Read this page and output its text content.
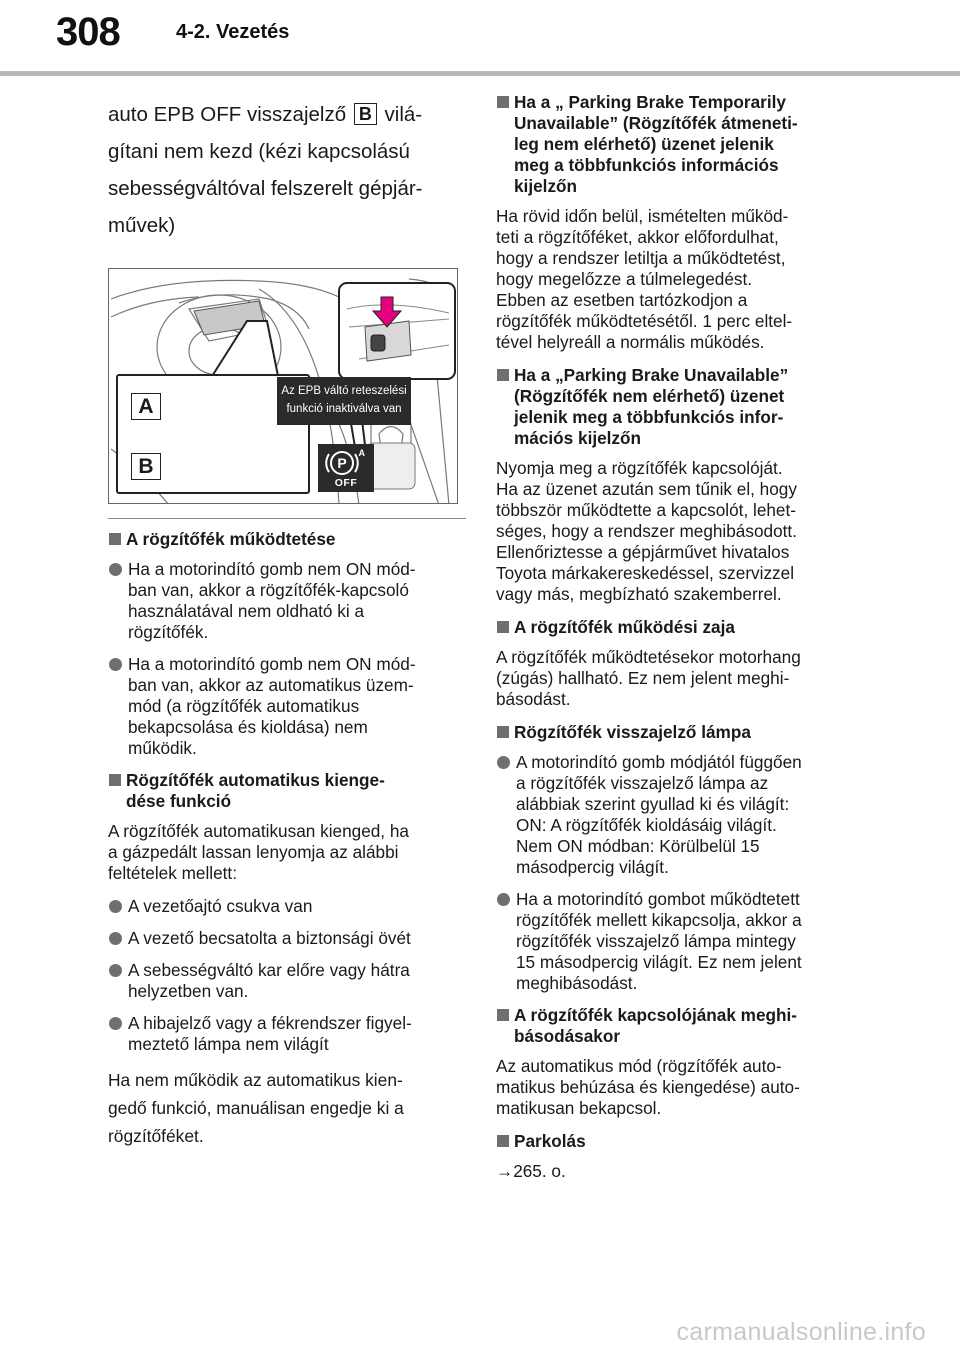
308	4-2. Vezetés
auto EPB OFF visszajelző B vilá-
gítani nem kezd (kézi kapcsolású
sebességváltóval felszerelt gépjár-
művek)
Az EPB váltó reteszelési
funkció inaktiválva van
A
B	P
A
OFF
A rögzítőfék működtetése
Ha a motorindító gomb nem ON mód-
ban van, akkor a rögzítőfék-kapcsoló
használatával nem oldható ki a
rögzítőfék.
Ha a motorindító gomb nem ON mód-
ban van, akkor az automatikus üzem-
mód (a rögzítőfék automatikus
bekapcsolása és kioldása) nem
működik.
Rögzítőfék automatikus kienge-
dése funkció
A rögzítőfék automatikusan kienged, ha
a gázpedált lassan lenyomja az alábbi
feltételek mellett:
A vezetőajtó csukva van
A vezető becsatolta a biztonsági övét
A sebességváltó kar előre vagy hátra
helyzetben van.
A hibajelző vagy a fékrendszer figyel-
meztető lámpa nem világít
Ha nem működik az automatikus kien-
gedő funkció, manuálisan engedje ki a
rögzítőféket.
Ha a „ Parking Brake Temporarily
Unavailable” (Rögzítőfék átmeneti-
leg nem elérhető) üzenet jelenik
meg a többfunkciós információs
kijelzőn
Ha rövid időn belül, ismételten működ-
teti a rögzítőféket, akkor előfordulhat,
hogy a rendszer letiltja a működtetést,
hogy megelőzze a túlmelegedést.
Ebben az esetben tartózkodjon a
rögzítőfék működtetésétől. 1 perc eltel-
tével helyreáll a normális működés.
Ha a „Parking Brake Unavailable”
(Rögzítőfék nem elérhető) üzenet
jelenik meg a többfunkciós infor-
mációs kijelzőn
Nyomja meg a rögzítőfék kapcsolóját.
Ha az üzenet azután sem tűnik el, hogy
többször működtette a kapcsolót, lehet-
séges, hogy a rendszer meghibásodott.
Ellenőriztesse a gépjárművet hivatalos
Toyota márkakereskedéssel, szervizzel
vagy más, megbízható szakemberrel.
A rögzítőfék működési zaja
A rögzítőfék működtetésekor motorhang
(zúgás) hallható. Ez nem jelent meghi-
básodást.
Rögzítőfék visszajelző lámpa
A motorindító gomb módjától függően
a rögzítőfék visszajelző lámpa az
alábbiak szerint gyullad ki és világít:
ON: A rögzítőfék kioldásáig világít.
Nem ON módban: Körülbelül 15
másodpercig világít.
Ha a motorindító gombot működtetett
rögzítőfék mellett kikapcsolja, akkor a
rögzítőfék visszajelző lámpa mintegy
15 másodpercig világít. Ez nem jelent
meghibásodást.
A rögzítőfék kapcsolójának meghi-
básodásakor
Az automatikus mód (rögzítőfék auto-
matikus behúzása és kiengedése) auto-
matikusan bekapcsol.
Parkolás
→265. o.
carmanualsonline.info
